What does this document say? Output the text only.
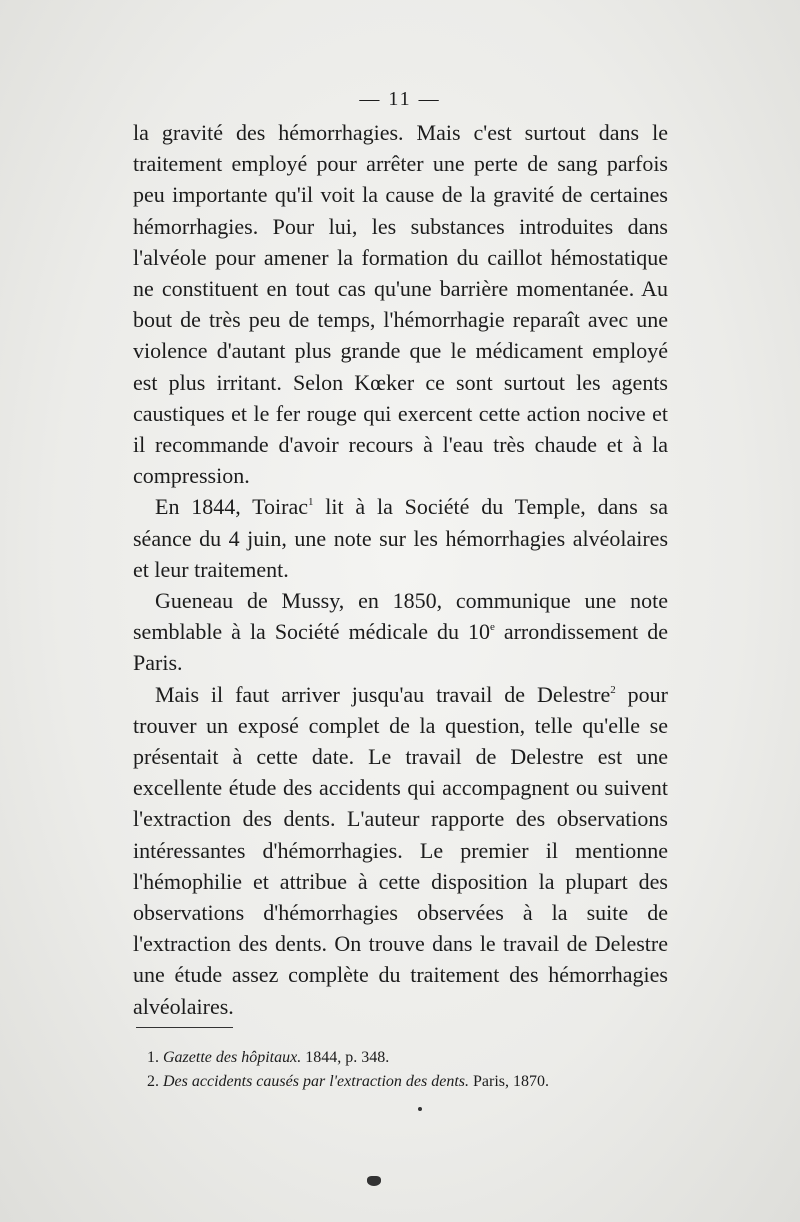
— 11 —

la gravité des hémorrhagies. Mais c'est surtout dans le traitement employé pour arrêter une perte de sang parfois peu importante qu'il voit la cause de la gravité de certaines hémorrhagies. Pour lui, les substances introduites dans l'alvéole pour amener la formation du caillot hémostatique ne constituent en tout cas qu'une barrière momentanée. Au bout de très peu de temps, l'hémorrhagie reparaît avec une violence d'autant plus grande que le médicament employé est plus irritant. Selon Kœker ce sont surtout les agents caustiques et le fer rouge qui exercent cette action nocive et il recommande d'avoir recours à l'eau très chaude et à la compression.

En 1844, Toirac$^1$ lit à la Société du Temple, dans sa séance du 4 juin, une note sur les hémorrhagies alvéolaires et leur traitement.

Gueneau de Mussy, en 1850, communique une note semblable à la Société médicale du 10e arrondissement de Paris.

Mais il faut arriver jusqu'au travail de Delestre$^2$ pour trouver un exposé complet de la question, telle qu'elle se présentait à cette date. Le travail de Delestre est une excellente étude des accidents qui accompagnent ou suivent l'extraction des dents. L'auteur rapporte des observations intéressantes d'hémorrhagies. Le premier il mentionne l'hémophilie et attribue à cette disposition la plupart des observations d'hémorrhagies observées à la suite de l'extraction des dents. On trouve dans le travail de Delestre une étude assez complète du traitement des hémorrhagies alvéolaires.

1. Gazette des hôpitaux. 1844, p. 348.
2. Des accidents causés par l'extraction des dents. Paris, 1870.
